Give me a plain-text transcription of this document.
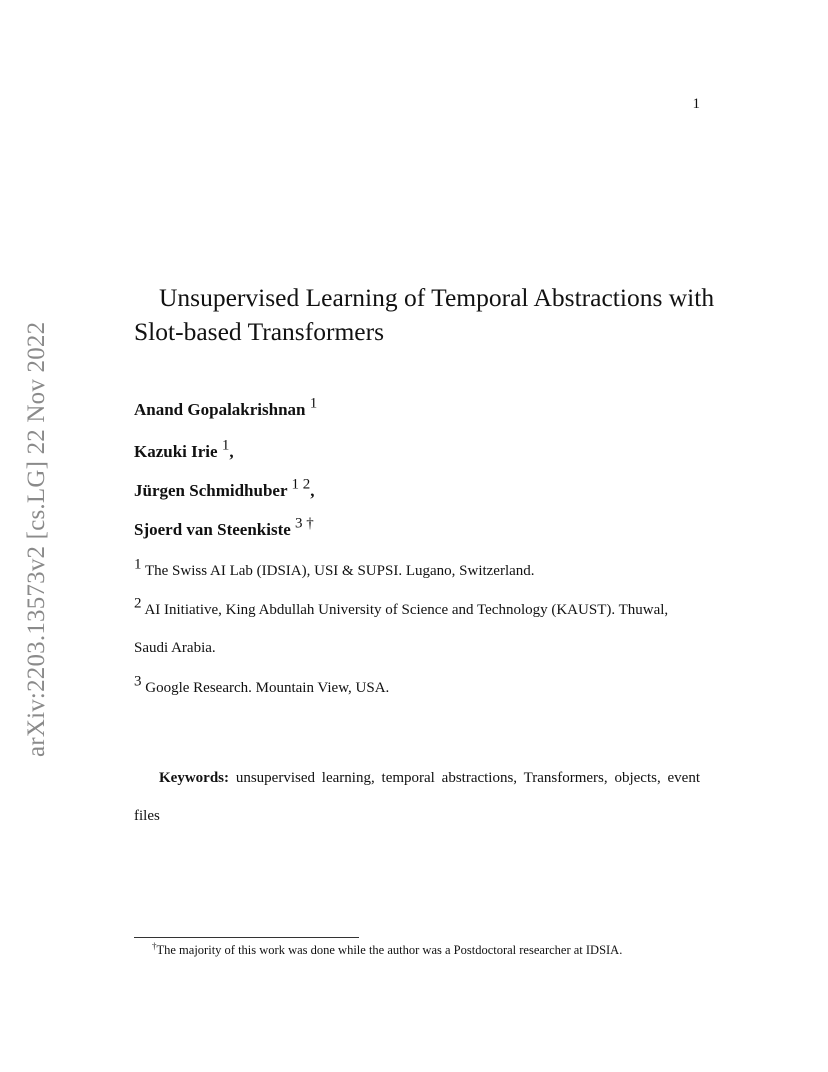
1
arXiv:2203.13573v2 [cs.LG] 22 Nov 2022
Unsupervised Learning of Temporal Abstractions with Slot-based Transformers
Anand Gopalakrishnan $^1$
Kazuki Irie $^1$,
Jürgen Schmidhuber $^{1 2}$,
Sjoerd van Steenkiste $^{3 \dagger}$
$^1$ The Swiss AI Lab (IDSIA), USI & SUPSI. Lugano, Switzerland.
$^2$ AI Initiative, King Abdullah University of Science and Technology (KAUST). Thuwal,
Saudi Arabia.
$^3$ Google Research. Mountain View, USA.

Keywords: unsupervised learning, temporal abstractions, Transformers, objects, event files

†The majority of this work was done while the author was a Postdoctoral researcher at IDSIA.
